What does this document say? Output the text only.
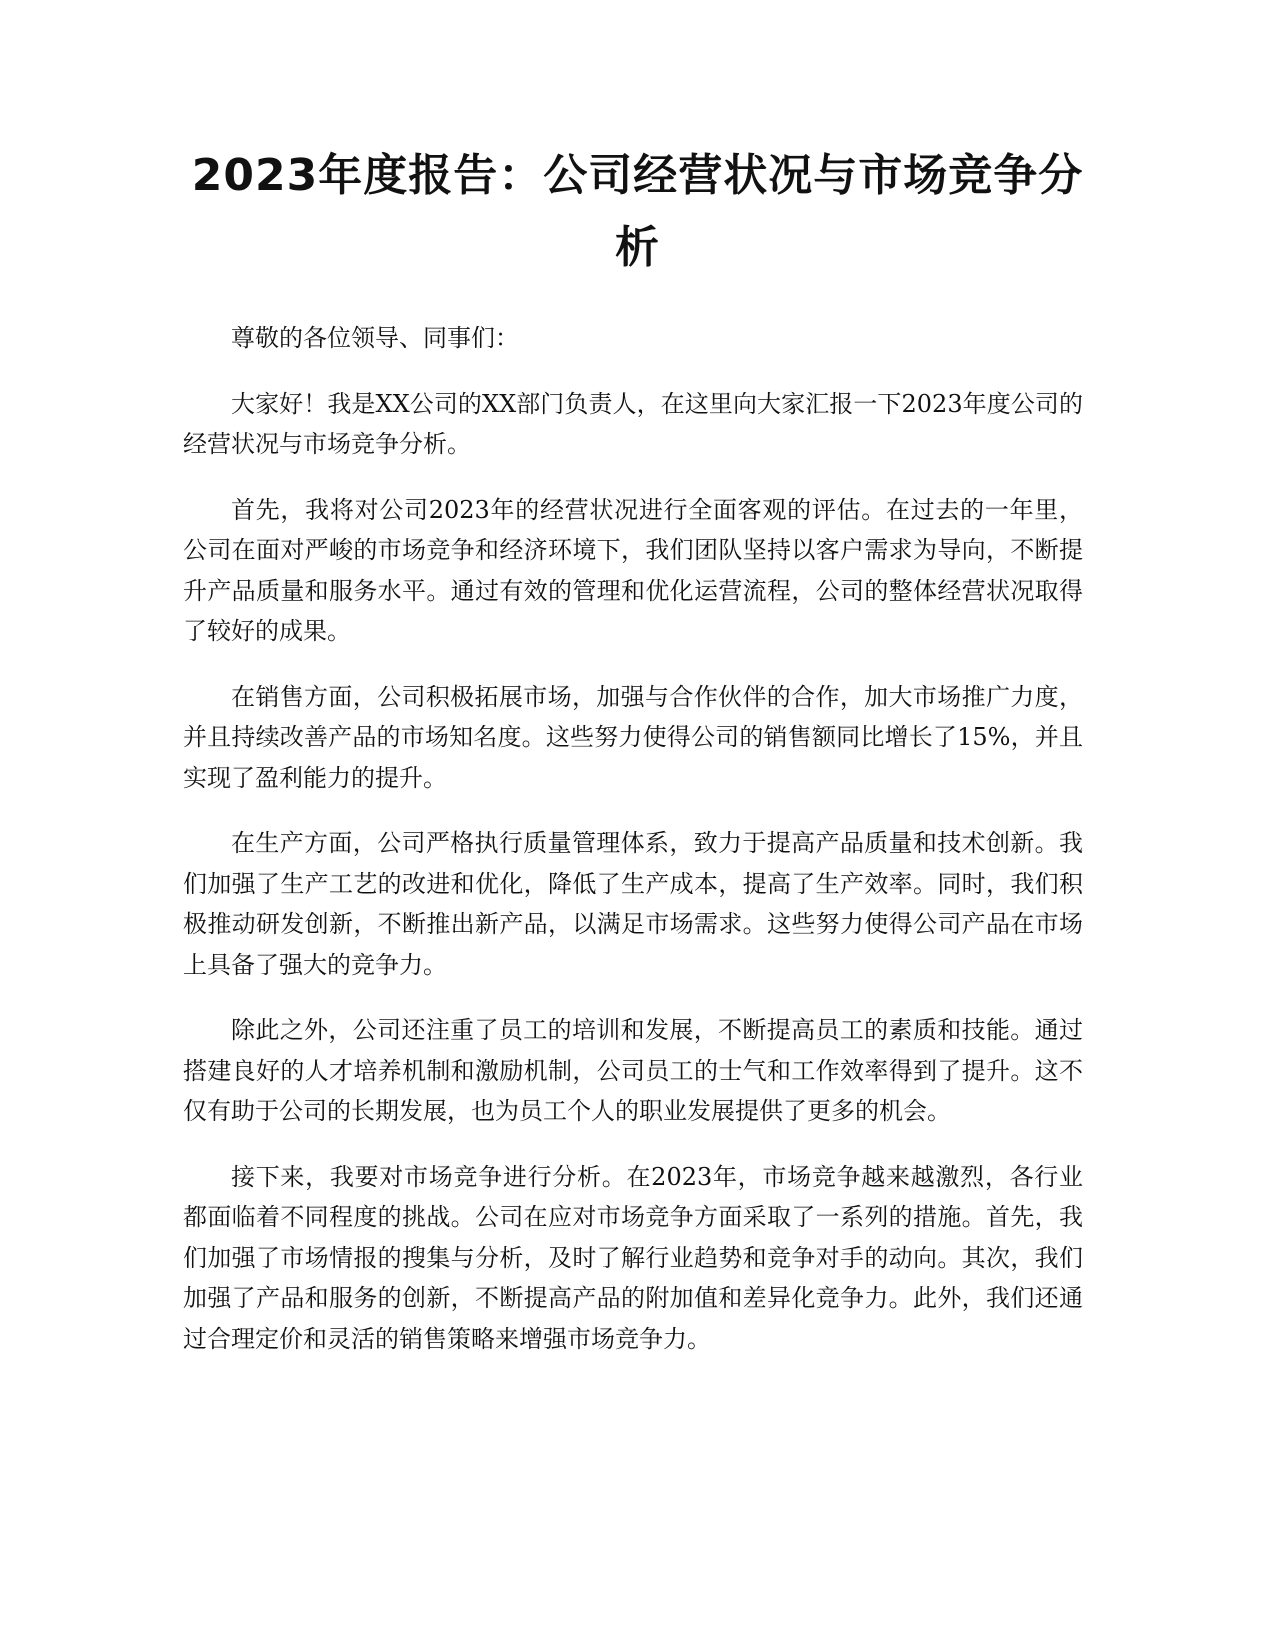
2023年度报告：公司经营状况与市场竞争分析

尊敬的各位领导、同事们：

大家好！我是XX公司的XX部门负责人，在这里向大家汇报一下2023年度公司的经营状况与市场竞争分析。

首先，我将对公司2023年的经营状况进行全面客观的评估。在过去的一年里，公司在面对严峻的市场竞争和经济环境下，我们团队坚持以客户需求为导向，不断提升产品质量和服务水平。通过有效的管理和优化运营流程，公司的整体经营状况取得了较好的成果。

在销售方面，公司积极拓展市场，加强与合作伙伴的合作，加大市场推广力度，并且持续改善产品的市场知名度。这些努力使得公司的销售额同比增长了15%，并且实现了盈利能力的提升。

在生产方面，公司严格执行质量管理体系，致力于提高产品质量和技术创新。我们加强了生产工艺的改进和优化，降低了生产成本，提高了生产效率。同时，我们积极推动研发创新，不断推出新产品，以满足市场需求。这些努力使得公司产品在市场上具备了强大的竞争力。

除此之外，公司还注重了员工的培训和发展，不断提高员工的素质和技能。通过搭建良好的人才培养机制和激励机制，公司员工的士气和工作效率得到了提升。这不仅有助于公司的长期发展，也为员工个人的职业发展提供了更多的机会。

接下来，我要对市场竞争进行分析。在2023年，市场竞争越来越激烈，各行业都面临着不同程度的挑战。公司在应对市场竞争方面采取了一系列的措施。首先，我们加强了市场情报的搜集与分析，及时了解行业趋势和竞争对手的动向。其次，我们加强了产品和服务的创新，不断提高产品的附加值和差异化竞争力。此外，我们还通过合理定价和灵活的销售策略来增强市场竞争力。
